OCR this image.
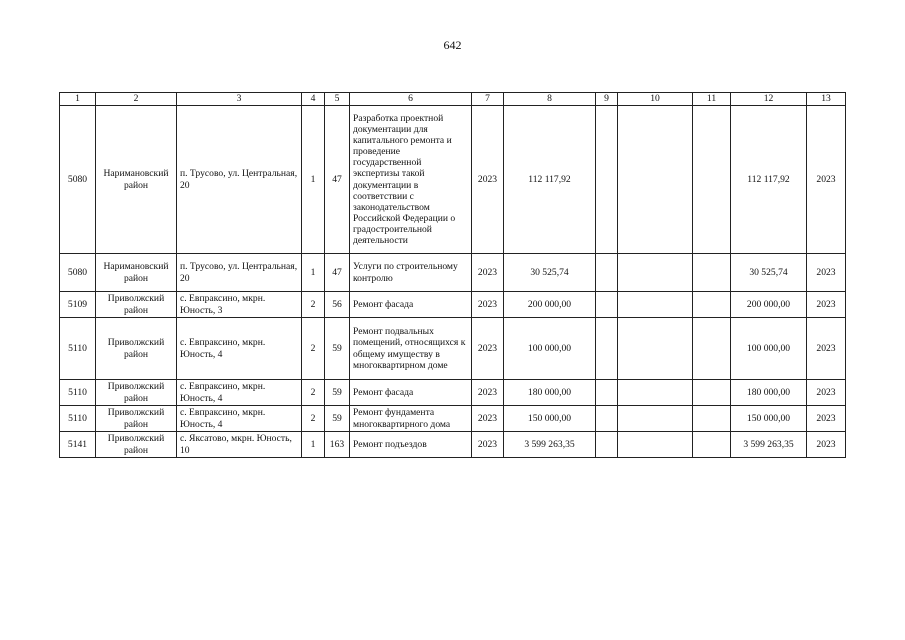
642
1	2	3	4	5	6	7	8	9	10	11	12	13
5080	Наримановский район	п. Трусово, ул. Центральная, 20	1	47	Разработка проектной документации для капитального ремонта и проведение государственной экспертизы такой документации в соответствии с законодательством Российской Федерации о градостроительной деятельности	2023	112 117,92				112 117,92	2023
5080	Наримановский район	п. Трусово, ул. Центральная, 20	1	47	Услуги по строительному контролю	2023	30 525,74				30 525,74	2023
5109	Приволжский район	с. Евпраксино, мкрн. Юность, 3	2	56	Ремонт фасада	2023	200 000,00				200 000,00	2023
5110	Приволжский район	с. Евпраксино, мкрн. Юность, 4	2	59	Ремонт подвальных помещений, относящихся к общему имуществу в многоквартирном доме	2023	100 000,00				100 000,00	2023
5110	Приволжский район	с. Евпраксино, мкрн. Юность, 4	2	59	Ремонт фасада	2023	180 000,00				180 000,00	2023
5110	Приволжский район	с. Евпраксино, мкрн. Юность, 4	2	59	Ремонт фундамента многоквартирного дома	2023	150 000,00				150 000,00	2023
5141	Приволжский район	с. Яксатово, мкрн. Юность, 10	1	163	Ремонт подъездов	2023	3 599 263,35				3 599 263,35	2023
